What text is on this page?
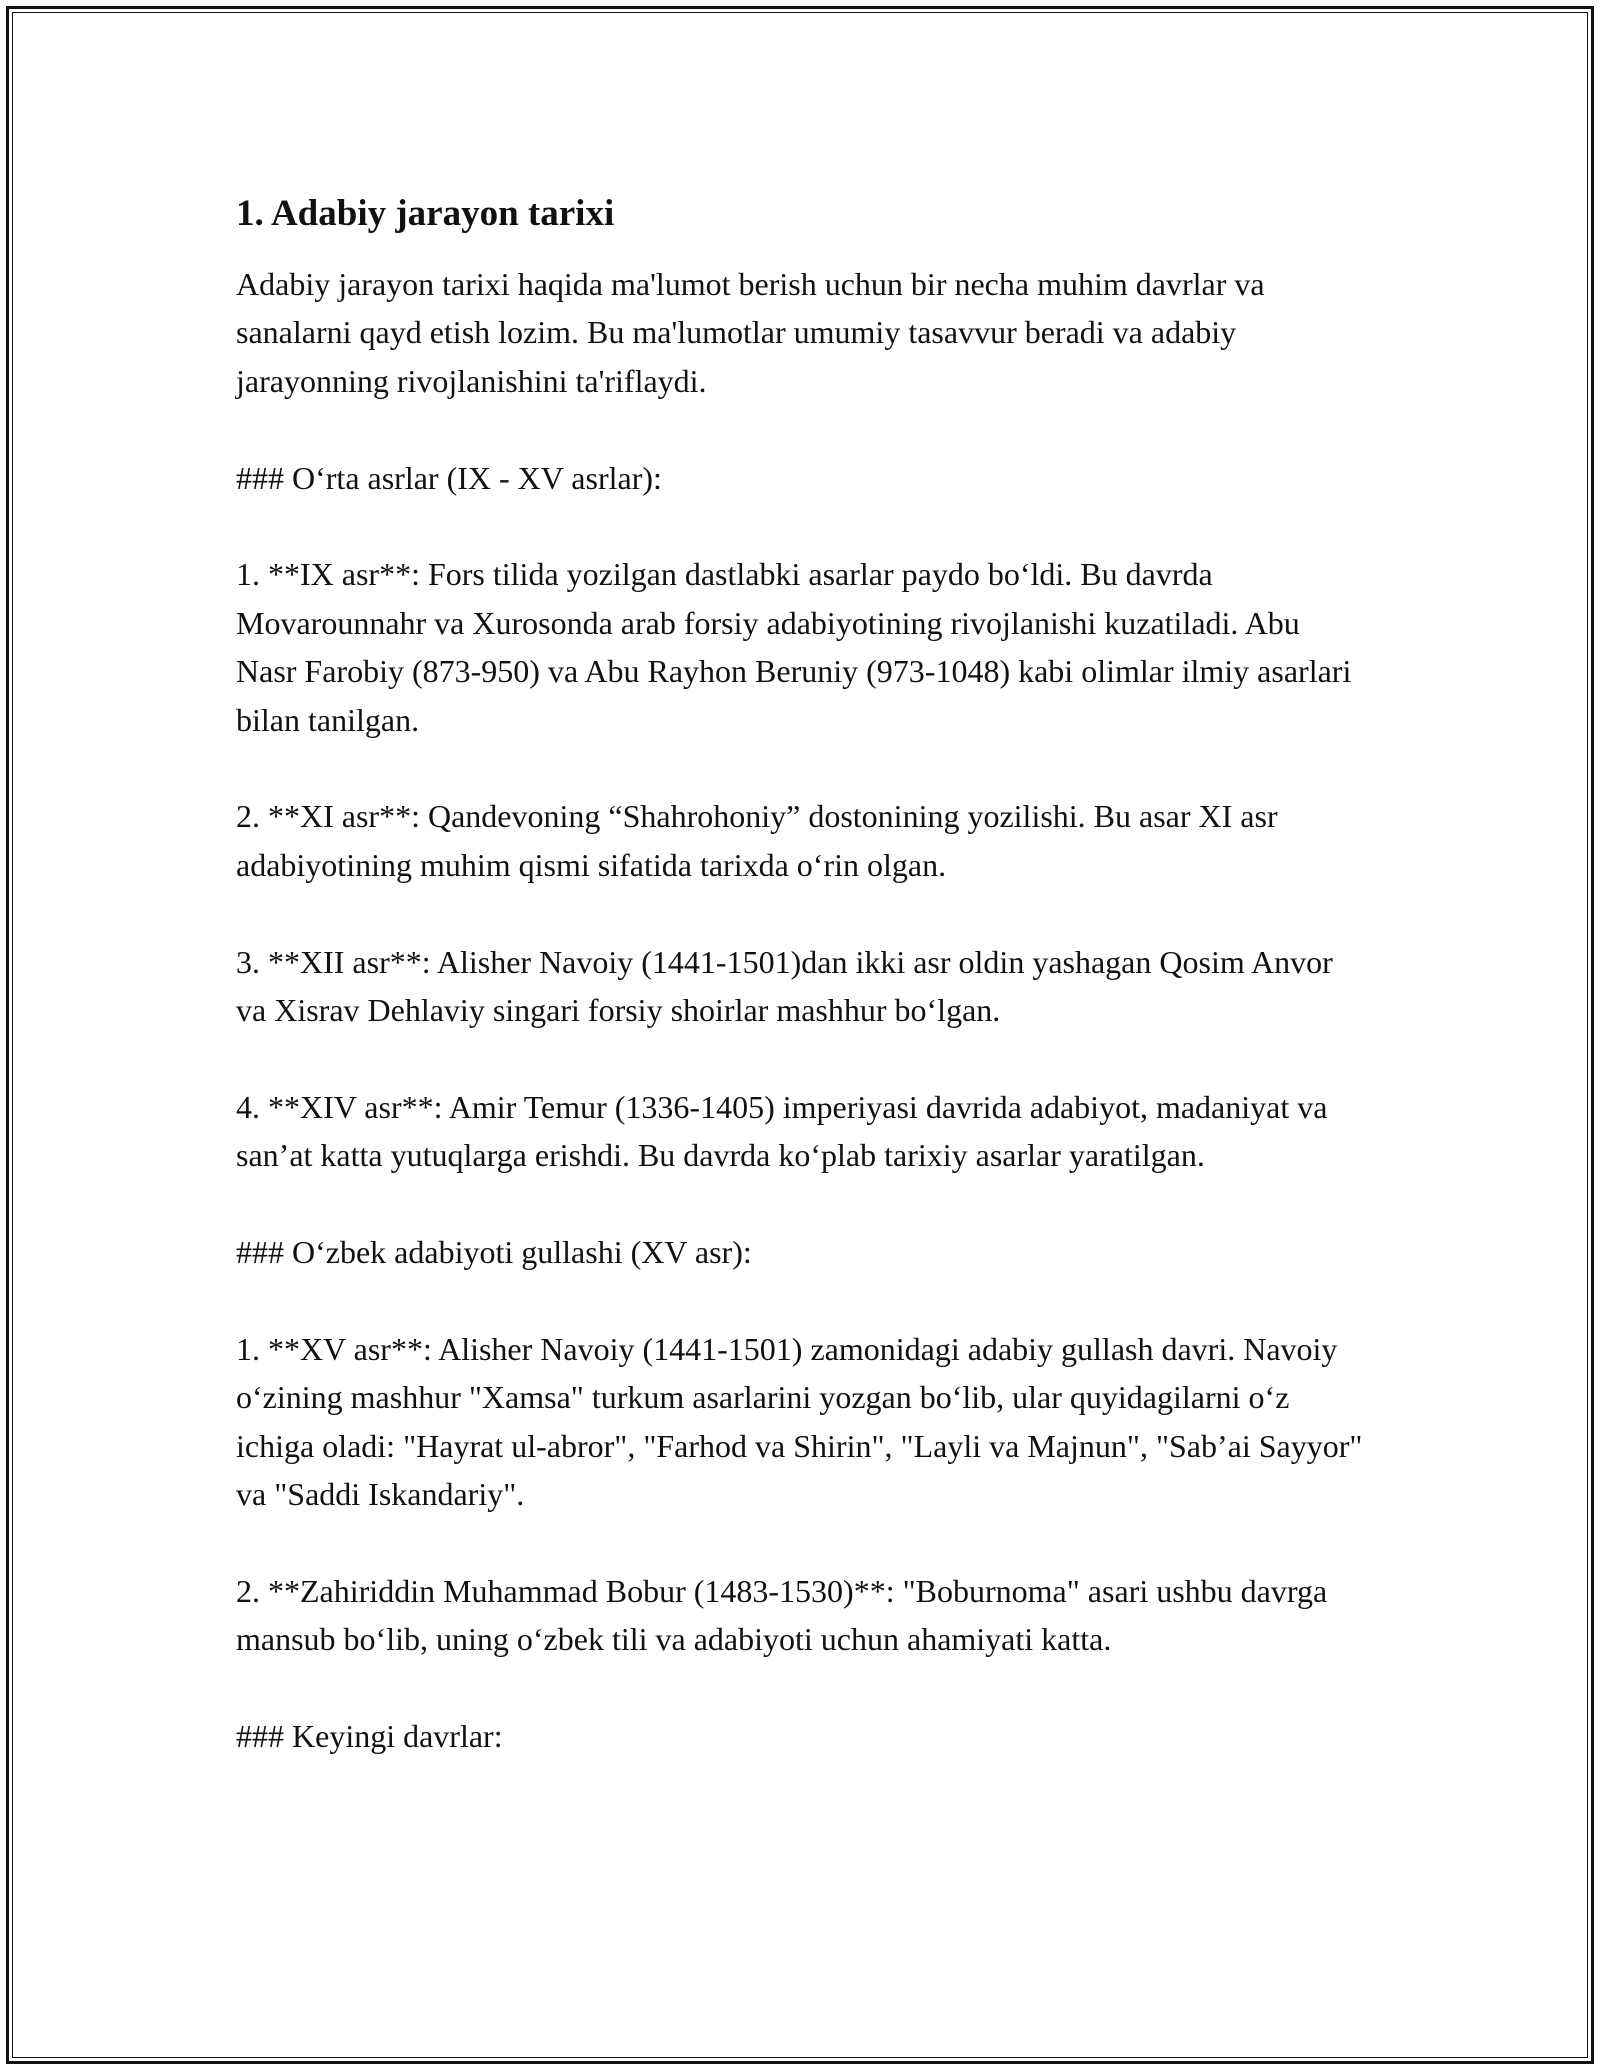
1. Adabiy jarayon tarixi

Adabiy jarayon tarixi haqida ma'lumot berish uchun bir necha muhim davrlar va sanalarni qayd etish lozim. Bu ma'lumotlar umumiy tasavvur beradi va adabiy jarayonning rivojlanishini ta'riflaydi.

### O‘rta asrlar (IX - XV asrlar):

1. **IX asr**: Fors tilida yozilgan dastlabki asarlar paydo bo‘ldi. Bu davrda Movarounnahr va Xurosonda arab forsiy adabiyotining rivojlanishi kuzatiladi. Abu Nasr Farobiy (873-950) va Abu Rayhon Beruniy (973-1048) kabi olimlar ilmiy asarlari bilan tanilgan.

2. **XI asr**: Qandevoning “Shahrohoniy” dostonining yozilishi. Bu asar XI asr adabiyotining muhim qismi sifatida tarixda o‘rin olgan.

3. **XII asr**: Alisher Navoiy (1441-1501)dan ikki asr oldin yashagan Qosim Anvor va Xisrav Dehlaviy singari forsiy shoirlar mashhur bo‘lgan.

4. **XIV asr**: Amir Temur (1336-1405) imperiyasi davrida adabiyot, madaniyat va san’at katta yutuqlarga erishdi. Bu davrda ko‘plab tarixiy asarlar yaratilgan.

### O‘zbek adabiyoti gullashi (XV asr):

1. **XV asr**: Alisher Navoiy (1441-1501) zamonidagi adabiy gullash davri. Navoiy o‘zining mashhur "Xamsa" turkum asarlarini yozgan bo‘lib, ular quyidagilarni o‘z ichiga oladi: "Hayrat ul-abror", "Farhod va Shirin", "Layli va Majnun", "Sab’ai Sayyor" va "Saddi Iskandariy".

2. **Zahiriddin Muhammad Bobur (1483-1530)**: "Boburnoma" asari ushbu davrga mansub bo‘lib, uning o‘zbek tili va adabiyoti uchun ahamiyati katta.

### Keyingi davrlar:
